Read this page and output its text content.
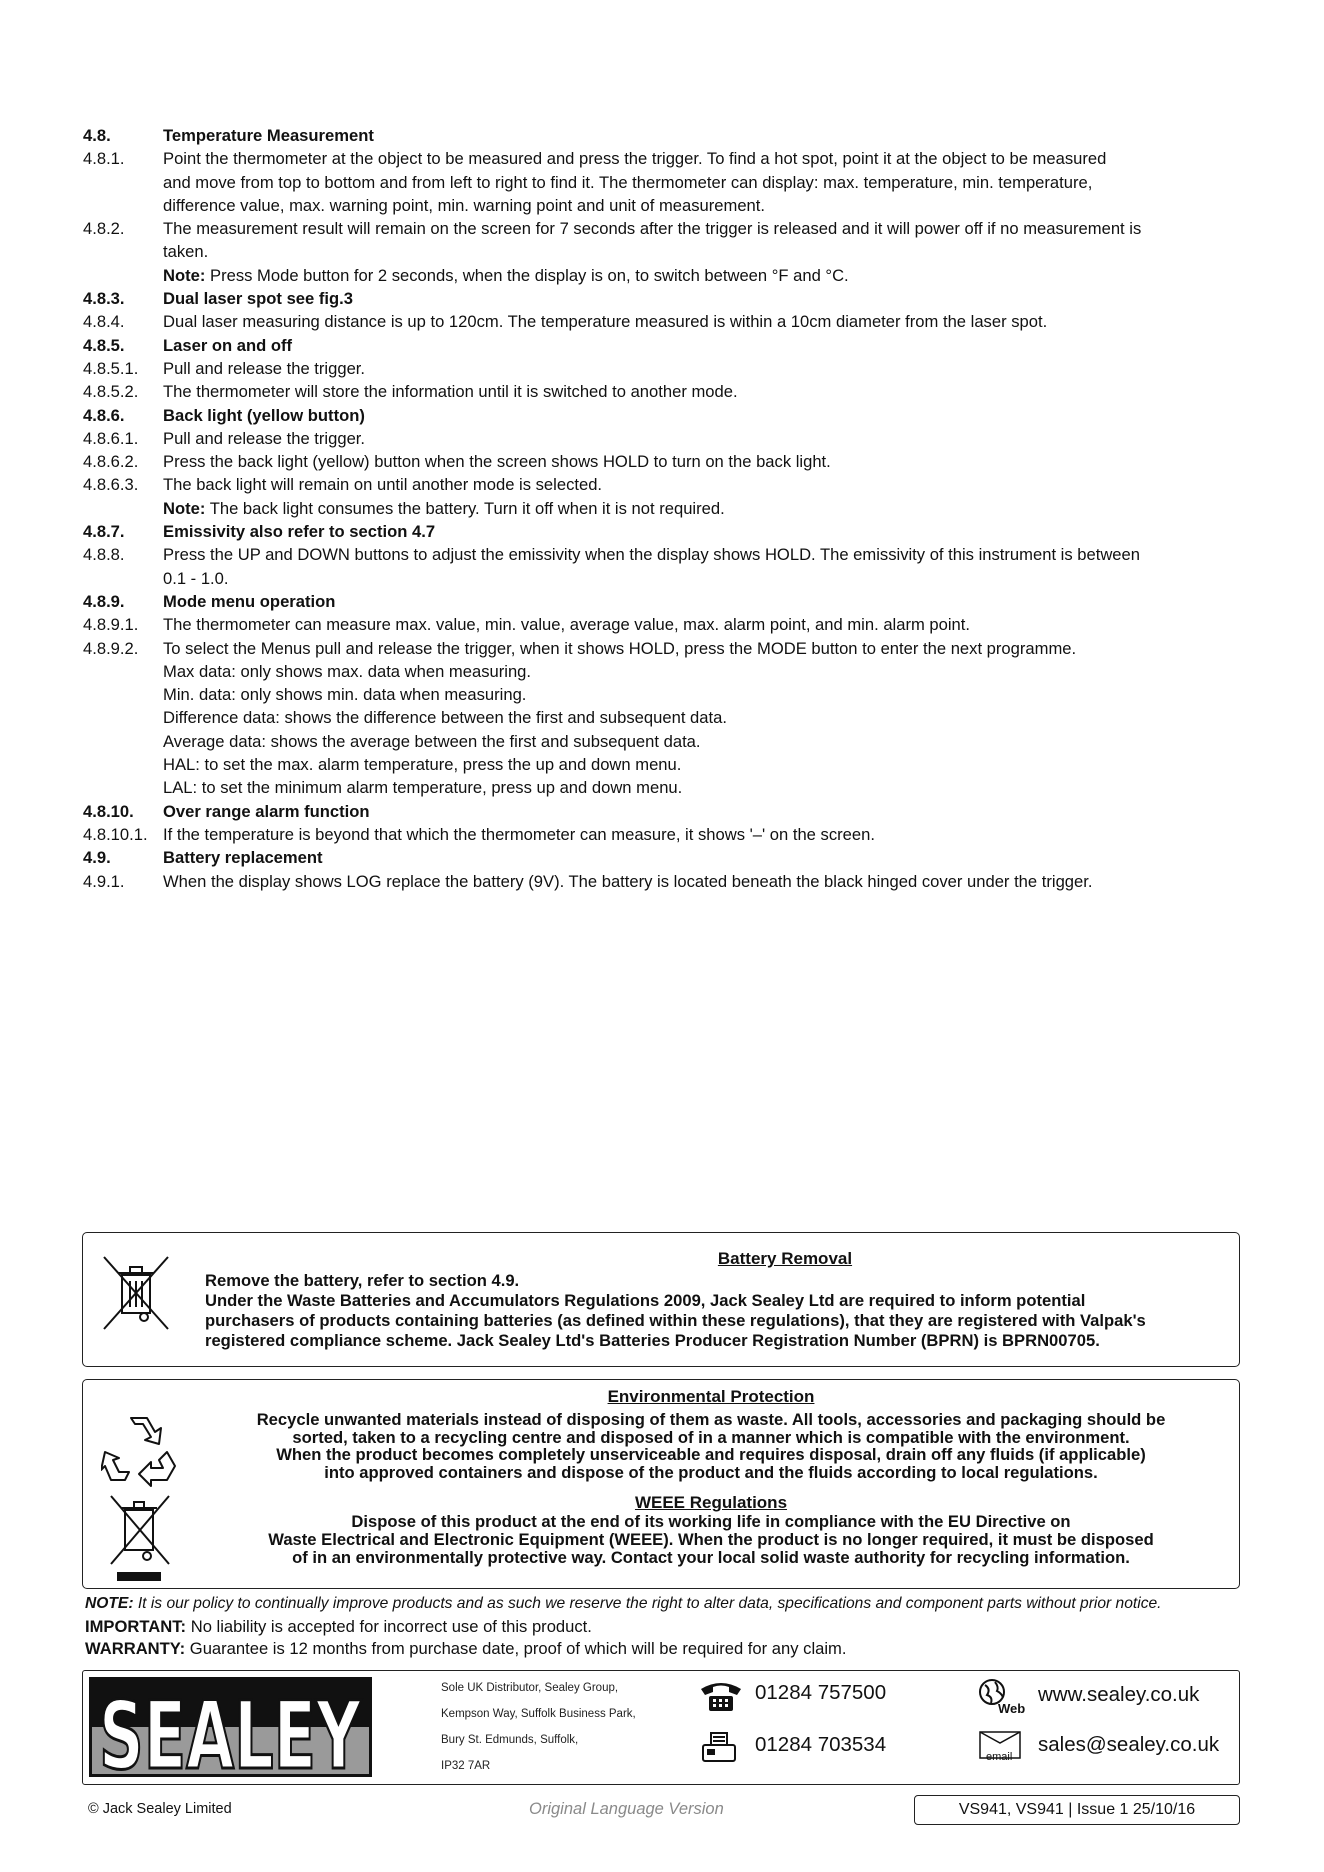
4.8.	Temperature Measurement
4.8.1.	Point the thermometer at the object to be measured and press the trigger. To find a hot spot, point it at the object to be measured
and move from top to bottom and from left to right to find it. The thermometer can display: max. temperature, min. temperature,
difference value, max. warning point, min. warning point and unit of measurement.
4.8.2.	The measurement result will remain on the screen for 7 seconds after the trigger is released and it will power off if no measurement is
taken.
Note: Press Mode button for 2 seconds, when the display is on, to switch between °F and °C.
4.8.3.	Dual laser spot see fig.3
4.8.4.	Dual laser measuring distance is up to 120cm. The temperature measured is within a 10cm diameter from the laser spot.
4.8.5.	Laser on and off
4.8.5.1.	Pull and release the trigger.
4.8.5.2.	The thermometer will store the information until it is switched to another mode.
4.8.6.	Back light (yellow button)
4.8.6.1.	Pull and release the trigger.
4.8.6.2.	Press the back light (yellow) button when the screen shows HOLD to turn on the back light.
4.8.6.3.	The back light will remain on until another mode is selected.
Note: The back light consumes the battery. Turn it off when it is not required.
4.8.7.	Emissivity also refer to section 4.7
4.8.8.	Press the UP and DOWN buttons to adjust the emissivity when the display shows HOLD. The emissivity of this instrument is between
0.1 - 1.0.
4.8.9.	Mode menu operation
4.8.9.1.	The thermometer can measure max. value, min. value, average value, max. alarm point, and min. alarm point.
4.8.9.2.	To select the Menus pull and release the trigger, when it shows HOLD, press the MODE button to enter the next programme.
Max data: only shows max. data when measuring.
Min. data: only shows min. data when measuring.
Difference data: shows the difference between the first and subsequent data.
Average data: shows the average between the first and subsequent data.
HAL: to set the max. alarm temperature, press the up and down menu.
LAL: to set the minimum alarm temperature, press up and down menu.
4.8.10.	Over range alarm function
4.8.10.1. If the temperature is beyond that which the thermometer can measure, it shows '–' on the screen.
4.9.	Battery replacement
4.9.1.	When the display shows LOG replace the battery (9V). The battery is located beneath the black hinged cover under the trigger.
Battery Removal
Remove the battery, refer to section 4.9.
Under the Waste Batteries and Accumulators Regulations 2009, Jack Sealey Ltd are required to inform potential
purchasers of products containing batteries (as defined within these regulations), that they are registered with Valpak's
registered compliance scheme. Jack Sealey Ltd's Batteries Producer Registration Number (BPRN) is BPRN00705.
Environmental Protection
Recycle unwanted materials instead of disposing of them as waste. All tools, accessories and packaging should be
sorted, taken to a recycling centre and disposed of in a manner which is compatible with the environment.
When the product becomes completely unserviceable and requires disposal, drain off any fluids (if applicable)
into approved containers and dispose of the product and the fluids according to local regulations.
WEEE Regulations
Dispose of this product at the end of its working life in compliance with the EU Directive on
Waste Electrical and Electronic Equipment (WEEE). When the product is no longer required, it must be disposed
of in an environmentally protective way. Contact your local solid waste authority for recycling information.
NOTE: It is our policy to continually improve products and as such we reserve the right to alter data, specifications and component parts without prior notice.
IMPORTANT: No liability is accepted for incorrect use of this product.
WARRANTY: Guarantee is 12 months from purchase date, proof of which will be required for any claim.
SEALEY	Sole UK Distributor, Sealey Group,
Kempson Way, Suffolk Business Park,
Bury St. Edmunds, Suffolk,
IP32 7AR
01284 757500
01284 703534
Web
www.sealey.co.uk
email
sales@sealey.co.uk
© Jack Sealey Limited	Original Language Version	VS941, VS941 | Issue 1 25/10/16
